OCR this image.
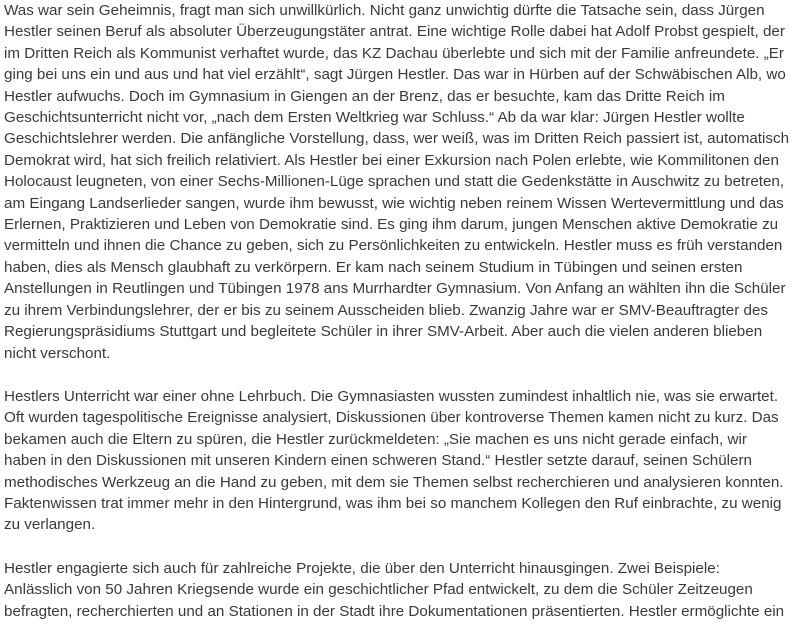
Was war sein Geheimnis, fragt man sich unwillkürlich. Nicht ganz unwichtig dürfte die Tatsache sein, dass Jürgen
Hestler seinen Beruf als absoluter Überzeugungstäter antrat. Eine wichtige Rolle dabei hat Adolf Probst gespielt, der
im Dritten Reich als Kommunist verhaftet wurde, das KZ Dachau überlebte und sich mit der Familie anfreundete. „Er
ging bei uns ein und aus und hat viel erzählt“, sagt Jürgen Hestler. Das war in Hürben auf der Schwäbischen Alb, wo
Hestler aufwuchs. Doch im Gymnasium in Giengen an der Brenz, das er besuchte, kam das Dritte Reich im
Geschichtsunterricht nicht vor, „nach dem Ersten Weltkrieg war Schluss.“ Ab da war klar: Jürgen Hestler wollte
Geschichtslehrer werden. Die anfängliche Vorstellung, dass, wer weiß, was im Dritten Reich passiert ist, automatisch
Demokrat wird, hat sich freilich relativiert. Als Hestler bei einer Exkursion nach Polen erlebte, wie Kommilitonen den
Holocaust leugneten, von einer Sechs-Millionen-Lüge sprachen und statt die Gedenkstätte in Auschwitz zu betreten,
am Eingang Landserlieder sangen, wurde ihm bewusst, wie wichtig neben reinem Wissen Wertevermittlung und das
Erlernen, Praktizieren und Leben von Demokratie sind. Es ging ihm darum, jungen Menschen aktive Demokratie zu
vermitteln und ihnen die Chance zu geben, sich zu Persönlichkeiten zu entwickeln. Hestler muss es früh verstanden
haben, dies als Mensch glaubhaft zu verkörpern. Er kam nach seinem Studium in Tübingen und seinen ersten
Anstellungen in Reutlingen und Tübingen 1978 ans Murrhardter Gymnasium. Von Anfang an wählten ihn die Schüler
zu ihrem Verbindungslehrer, der er bis zu seinem Ausscheiden blieb. Zwanzig Jahre war er SMV-Beauftragter des
Regierungspräsidiums Stuttgart und begleitete Schüler in ihrer SMV-Arbeit. Aber auch die vielen anderen blieben
nicht verschont.

Hestlers Unterricht war einer ohne Lehrbuch. Die Gymnasiasten wussten zumindest inhaltlich nie, was sie erwartet.
Oft wurden tagespolitische Ereignisse analysiert, Diskussionen über kontroverse Themen kamen nicht zu kurz. Das
bekamen auch die Eltern zu spüren, die Hestler zurückmeldeten: „Sie machen es uns nicht gerade einfach, wir
haben in den Diskussionen mit unseren Kindern einen schweren Stand.“ Hestler setzte darauf, seinen Schülern
methodisches Werkzeug an die Hand zu geben, mit dem sie Themen selbst recherchieren und analysieren konnten.
Faktenwissen trat immer mehr in den Hintergrund, was ihm bei so manchem Kollegen den Ruf einbrachte, zu wenig
zu verlangen.

Hestler engagierte sich auch für zahlreiche Projekte, die über den Unterricht hinausgingen. Zwei Beispiele:
Anlässlich von 50 Jahren Kriegsende wurde ein geschichtlicher Pfad entwickelt, zu dem die Schüler Zeitzeugen
befragten, recherchierten und an Stationen in der Stadt ihre Dokumentationen präsentierten. Hestler ermöglichte ein
